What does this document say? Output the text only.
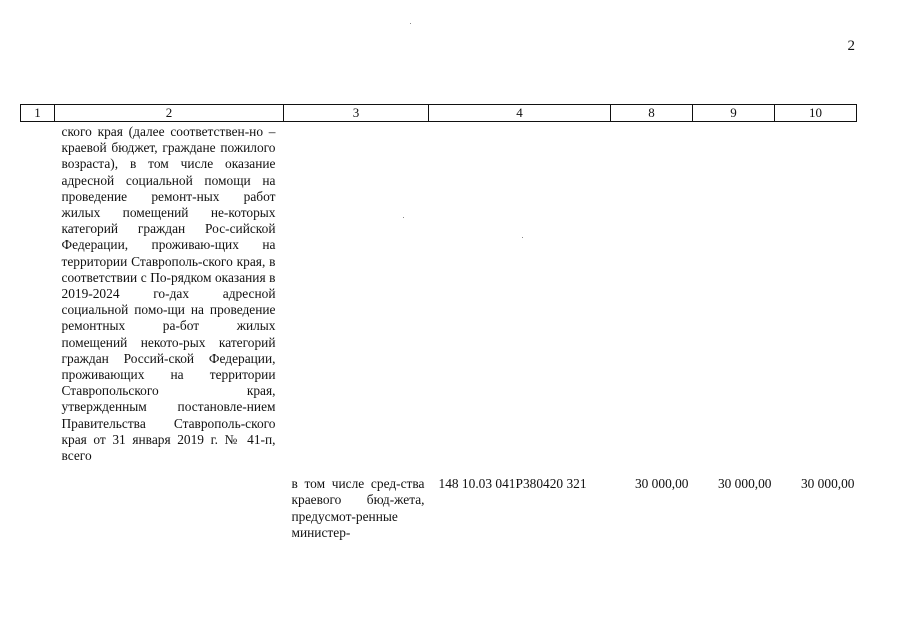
2
1	2	3	4	8	9	10

ского края (далее соответствен-но – краевой бюджет, граждане пожилого возраста), в том числе оказание адресной социальной помощи на проведение ремонт-ных работ жилых помещений не-которых категорий граждан Рос-сийской Федерации, проживаю-щих на территории Ставрополь-ского края, в соответствии с По-рядком оказания в 2019-2024 го-дах адресной социальной помо-щи на проведение ремонтных ра-бот жилых помещений некото-рых категорий граждан Россий-ской Федерации, проживающих на территории Ставропольского края, утвержденным постановле-нием Правительства Ставрополь-ского края от 31 января 2019 г. № 41-п, всего						

		в том числе сред-ства краевого бюд-жета, предусмот-ренные министер-	148 10.03 041P380420 321	30 000,00	30 000,00	30 000,00
